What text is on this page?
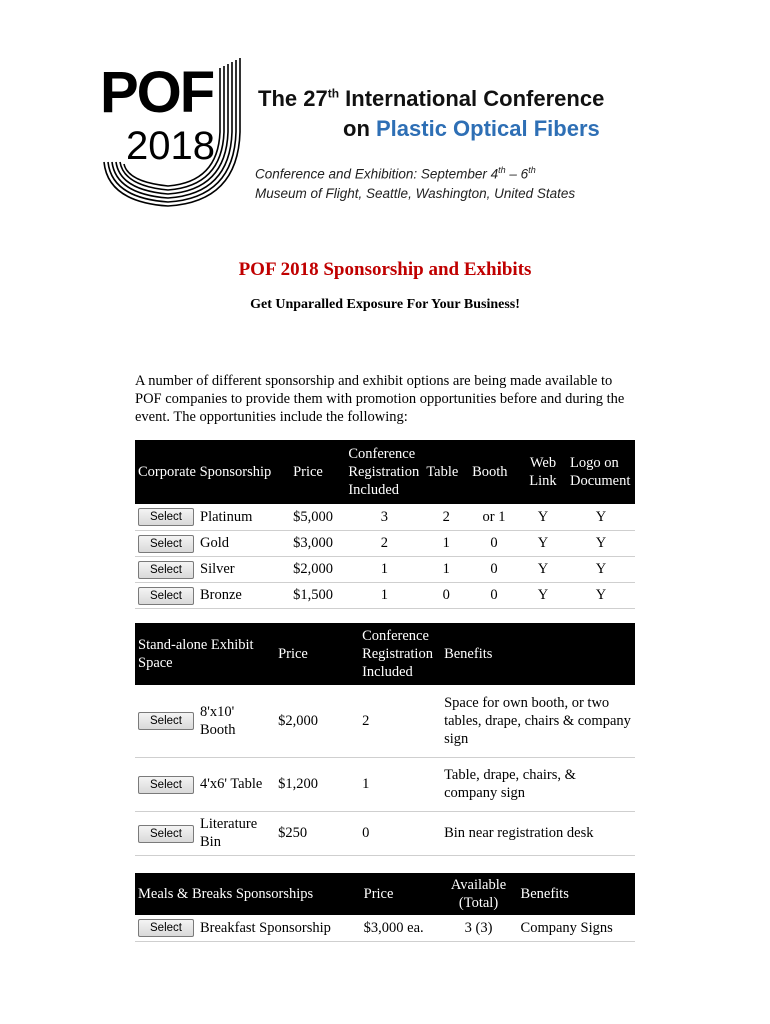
POF
2018
The 27th International Conference
on Plastic Optical Fibers
Conference and Exhibition: September 4th – 6th
Museum of Flight, Seattle, Washington, United States
POF 2018 Sponsorship and Exhibits
Get Unparalled Exposure For Your Business!
A number of different sponsorship and exhibit options are being made available to POF companies to provide them with promotion opportunities before and during the event. The opportunities include the following:
Corporate Sponsorship		Price	Conference Registration Included	Table	Booth	Web Link	Logo on Document
Select	Platinum	$5,000	3	2	or 1	Y	Y
Select	Gold	$3,000	2	1	0	Y	Y
Select	Silver	$2,000	1	1	0	Y	Y
Select	Bronze	$1,500	1	0	0	Y	Y
Stand-alone Exhibit Space		Price	Conference Registration Included	Benefits
Select	8'x10' Booth	$2,000	2	Space for own booth, or two tables, drape, chairs & company sign
Select	4'x6' Table	$1,200	1	Table, drape, chairs, & company sign
Select	Literature Bin	$250	0	Bin near registration desk
Meals & Breaks Sponsorships		Price	Available (Total)	Benefits
Select	Breakfast Sponsorship	$3,000 ea.	3 (3)	Company Signs
